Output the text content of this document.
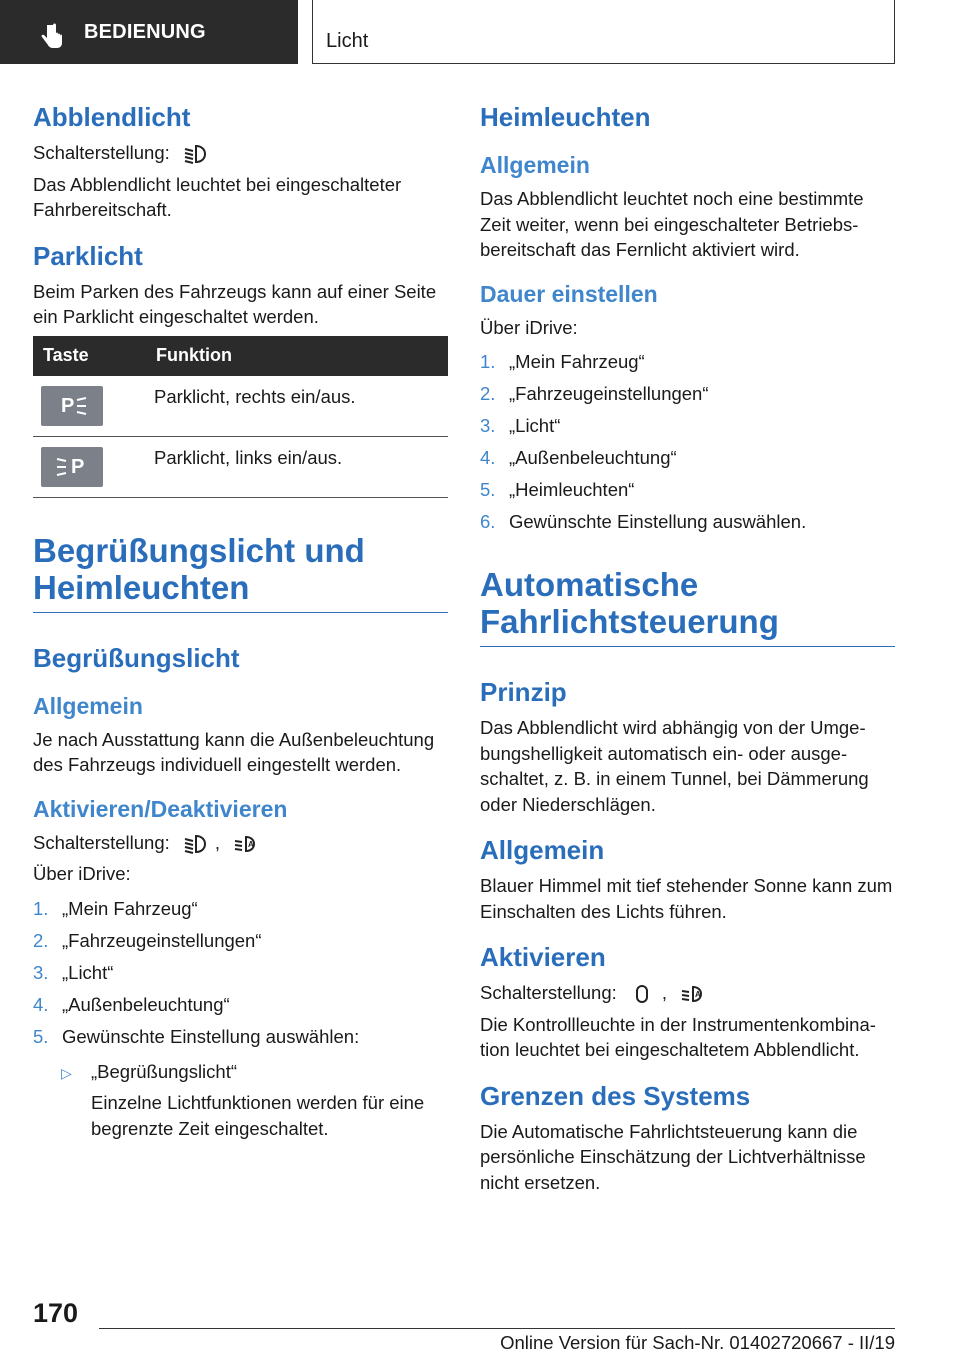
BEDIENUNG	Licht
Abblendlicht

Schalterstellung:

Das Abblendlicht leuchtet bei eingeschalteter Fahrbereitschaft.

Parklicht

Beim Parken des Fahrzeugs kann auf einer Seite ein Parklicht eingeschaltet werden.

Taste	Funktion

P	Parklicht, rechts ein/aus.

P	Parklicht, links ein/aus.
Begrüßungslicht und
Heimleuchten
Begrüßungslicht
Allgemein

Je nach Ausstattung kann die Außenbeleuchtung des Fahrzeugs individuell eingestellt werden.

Aktivieren/Deaktivieren

Schalterstellung: ,	A

Über iDrive:

1. „Mein Fahrzeug“
2. „Fahrzeugeinstellungen“
3. „Licht“
4. „Außenbeleuchtung“
5. Gewünschte Einstellung auswählen:
▷ „Begrüßungslicht“
Einzelne Lichtfunktionen werden für eine begrenzte Zeit eingeschaltet.
Heimleuchten
Allgemein

Das Abblendlicht leuchtet noch eine bestimmte Zeit weiter, wenn bei eingeschalteter Betriebsbereitschaft das Fernlicht aktiviert wird.

Dauer einstellen

Über iDrive:

1. „Mein Fahrzeug“
2. „Fahrzeugeinstellungen“
3. „Licht“
4. „Außenbeleuchtung“
5. „Heimleuchten“
6. Gewünschte Einstellung auswählen.
Automatische
Fahrlichtsteuerung
Prinzip

Das Abblendlicht wird abhängig von der Umgebungshelligkeit automatisch ein- oder ausgeschaltet, z. B. in einem Tunnel, bei Dämmerung oder Niederschlägen.

Allgemein

Blauer Himmel mit tief stehender Sonne kann zum Einschalten des Lichts führen.

Aktivieren

Schalterstellung: ,	A

Die Kontrollleuchte in der Instrumentenkombination leuchtet bei eingeschaltetem Abblendlicht.

Grenzen des Systems

Die Automatische Fahrlichtsteuerung kann die persönliche Einschätzung der Lichtverhältnisse nicht ersetzen.

170
Online Version für Sach-Nr. 01402720667 - II/19
